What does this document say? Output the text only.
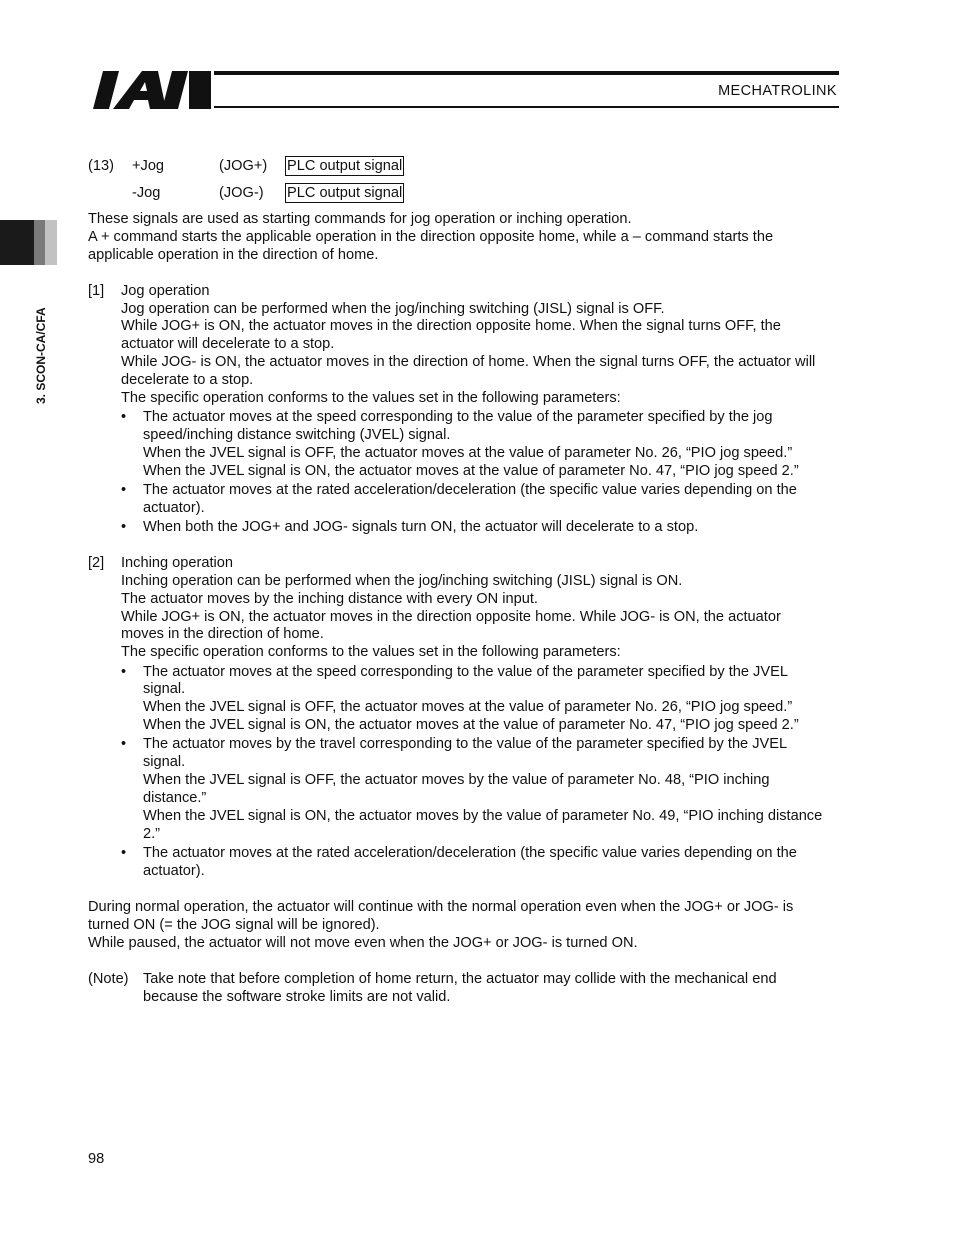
MECHATROLINK
3. SCON-CA/CFA
(13) +Jog	(JOG+) PLC output signal
-Jog	(JOG-) PLC output signal
These signals are used as starting commands for jog operation or inching operation.
A + command starts the applicable operation in the direction opposite home, while a – command starts the
applicable operation in the direction of home.
[1] Jog operation
Jog operation can be performed when the jog/inching switching (JISL) signal is OFF.
While JOG+ is ON, the actuator moves in the direction opposite home. When the signal turns OFF, the
actuator will decelerate to a stop.
While JOG- is ON, the actuator moves in the direction of home. When the signal turns OFF, the actuator will
decelerate to a stop.
The specific operation conforms to the values set in the following parameters:
• The actuator moves at the speed corresponding to the value of the parameter specified by the jog
speed/inching distance switching (JVEL) signal.
When the JVEL signal is OFF, the actuator moves at the value of parameter No. 26, “PIO jog speed.”
When the JVEL signal is ON, the actuator moves at the value of parameter No. 47, “PIO jog speed 2.”
• The actuator moves at the rated acceleration/deceleration (the specific value varies depending on the
actuator).
• When both the JOG+ and JOG- signals turn ON, the actuator will decelerate to a stop.
[2] Inching operation
Inching operation can be performed when the jog/inching switching (JISL) signal is ON.
The actuator moves by the inching distance with every ON input.
While JOG+ is ON, the actuator moves in the direction opposite home. While JOG- is ON, the actuator
moves in the direction of home.
The specific operation conforms to the values set in the following parameters:
• The actuator moves at the speed corresponding to the value of the parameter specified by the JVEL
signal.
When the JVEL signal is OFF, the actuator moves at the value of parameter No. 26, “PIO jog speed.”
When the JVEL signal is ON, the actuator moves at the value of parameter No. 47, “PIO jog speed 2.”
• The actuator moves by the travel corresponding to the value of the parameter specified by the JVEL
signal.
When the JVEL signal is OFF, the actuator moves by the value of parameter No. 48, “PIO inching
distance.”
When the JVEL signal is ON, the actuator moves by the value of parameter No. 49, “PIO inching distance
2.”
• The actuator moves at the rated acceleration/deceleration (the specific value varies depending on the
actuator).
During normal operation, the actuator will continue with the normal operation even when the JOG+ or JOG- is
turned ON (= the JOG signal will be ignored).
While paused, the actuator will not move even when the JOG+ or JOG- is turned ON.
(Note) Take note that before completion of home return, the actuator may collide with the mechanical end
because the software stroke limits are not valid.
98
